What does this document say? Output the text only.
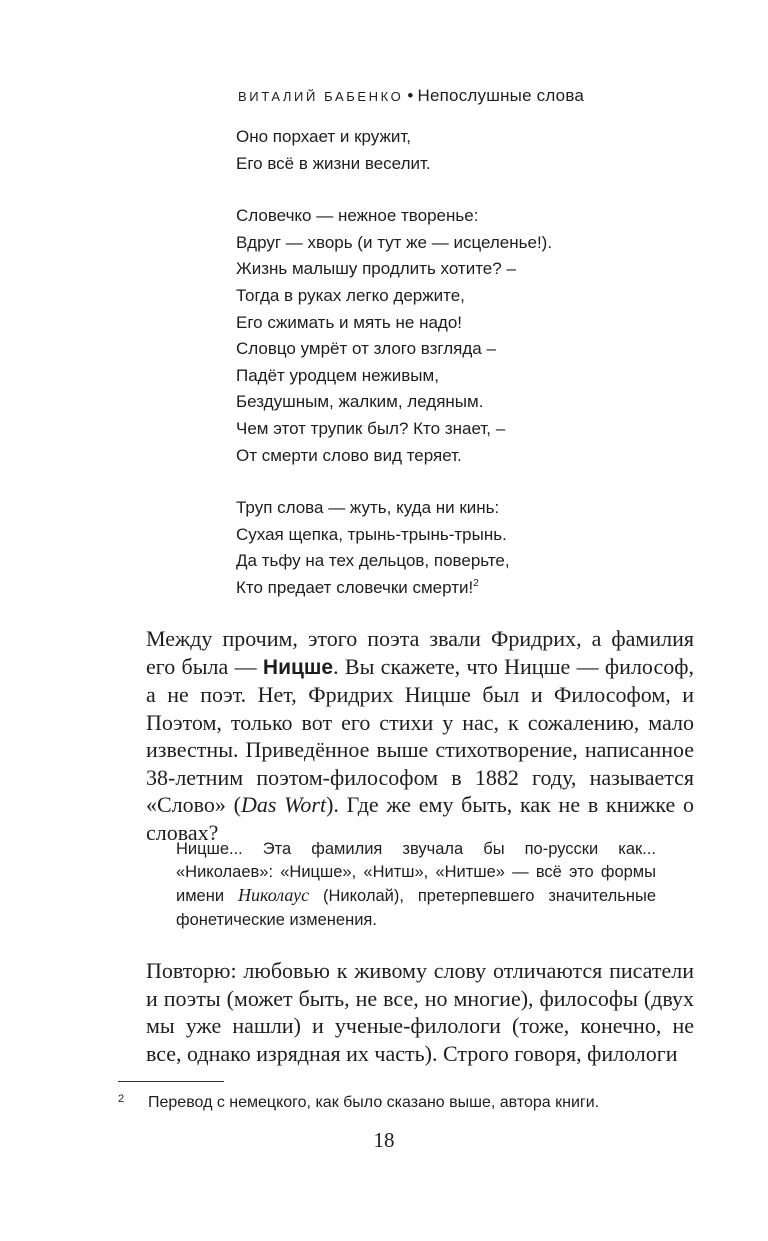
ВИТАЛИЙ БАБЕНКО • Непослушные слова
Оно порхает и кружит,
Его всё в жизни веселит.
Словечко — нежное творенье:
Вдруг — хворь (и тут же — исцеленье!).
Жизнь малышу продлить хотите? –
Тогда в руках легко держите,
Его сжимать и мять не надо!
Словцо умрёт от злого взгляда –
Падёт уродцем неживым,
Бездушным, жалким, ледяным.
Чем этот трупик был? Кто знает, –
От смерти слово вид теряет.
Труп слова — жуть, куда ни кинь:
Сухая щепка, трынь-трынь-трынь.
Да тьфу на тех дельцов, поверьте,
Кто предает словечки смерти!$^2$

Между прочим, этого поэта звали Фридрих, а фамилия его была — Ницше. Вы скажете, что Ницше — философ, а не поэт. Нет, Фридрих Ницше был и Философом, и Поэтом, только вот его стихи у нас, к сожалению, мало известны. Приведённое выше стихотворение, написанное 38-летним поэтом-философом в 1882 году, называется «Слово» (Das Wort). Где же ему быть, как не в книжке о словах?

Ницше... Эта фамилия звучала бы по-русски как... «Николаев»: «Ницше», «Нитш», «Нитше» — всё это формы имени Николаус (Николай), претерпевшего значительные фонетические изменения.

Повторю: любовью к живому слову отличаются писатели и поэты (может быть, не все, но многие), философы (двух мы уже нашли) и ученые-филологи (тоже, конечно, не все, однако изрядная их часть). Строго говоря, филологи

2 Перевод с немецкого, как было сказано выше, автора книги.
18
